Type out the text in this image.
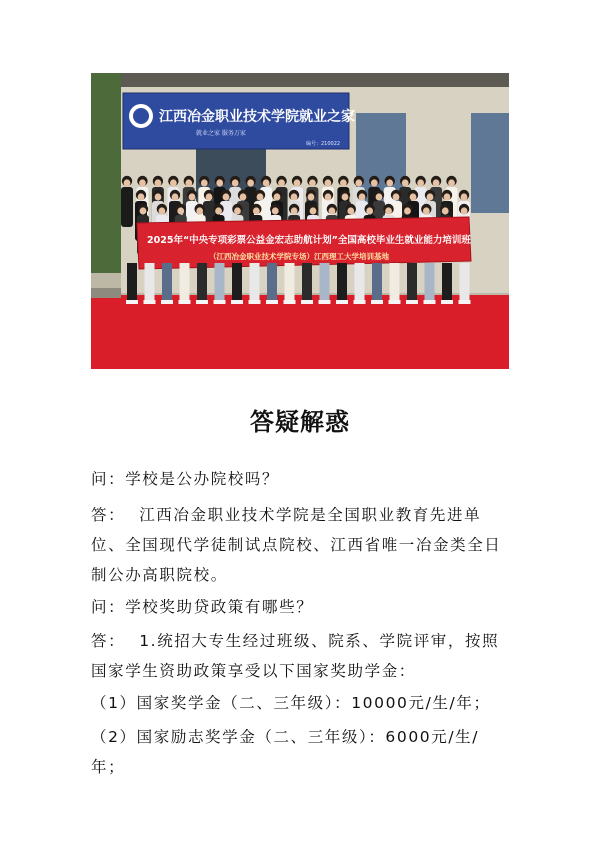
江西冶金职业技术学院就业之家
就业之家 服务万家
编号：210022
2025年“中央专项彩票公益金宏志助航计划”全国高校毕业生就业能力培训班
（江西冶金职业技术学院专场）江西理工大学培训基地
答疑解惑
问：学校是公办院校吗？
答： 江西冶金职业技术学院是全国职业教育先进单位、全国现代学徒制试点院校、江西省唯一冶金类全日制公办高职院校。
问：学校奖助贷政策有哪些？
答： 1.统招大专生经过班级、院系、学院评审，按照国家学生资助政策享受以下国家奖助学金：
（1）国家奖学金（二、三年级）：10000元/生/年；
（2）国家励志奖学金（二、三年级）：6000元/生/年；
